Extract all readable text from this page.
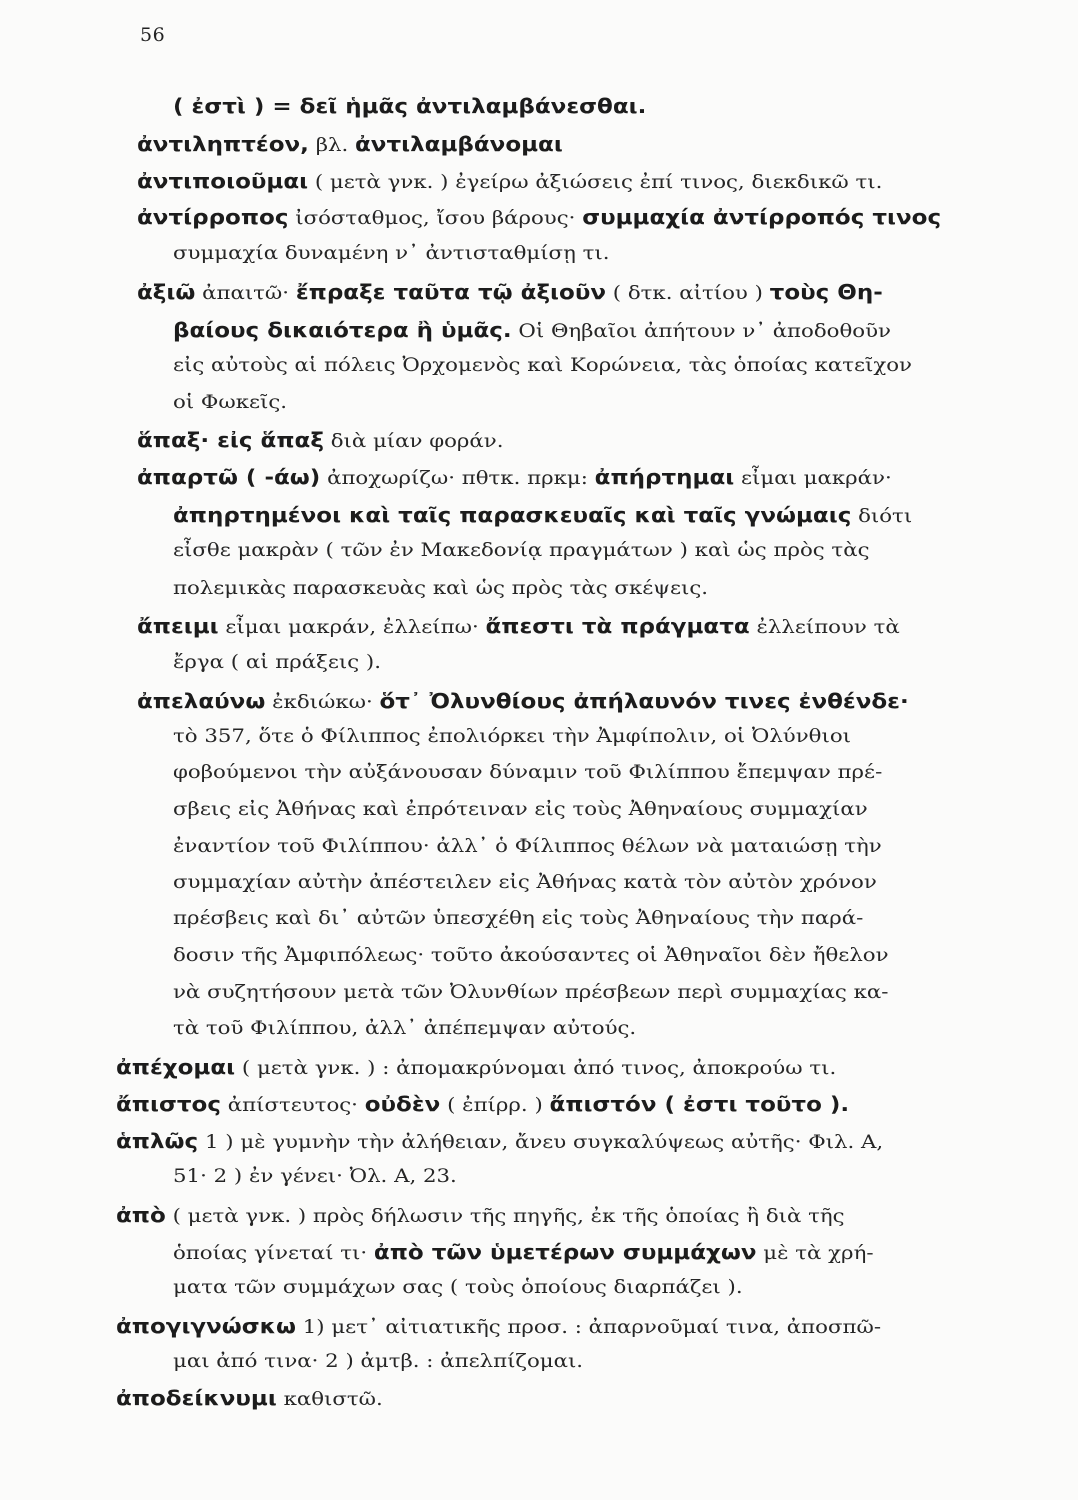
56
( ἐστὶ ) = δεῖ ἡμᾶς ἀντιλαμβάνεσθαι.
ἀντιληπτέον, βλ. ἀντιλαμβάνομαι
ἀντιποιοῦμαι ( μετὰ γνκ. ) ἐγείρω ἀξιώσεις ἐπί τινος, διεκδικῶ τι.
ἀντίρροπος ἰσόσταθμος, ἴσου βάρους· συμμαχία ἀντίρροπός τινος
συμμαχία δυναμένη ν᾽ ἀντισταθμίσῃ τι.
ἀξιῶ ἀπαιτῶ· ἔπραξε ταῦτα τῷ ἀξιοῦν ( δτκ. αἰτίου ) τοὺς Θη-
βαίους δικαιότερα ἢ ὑμᾶς. Οἱ Θηβαῖοι ἀπήτουν ν᾽ ἀποδοθοῦν
εἰς αὐτοὺς αἱ πόλεις Ὀρχομενὸς καὶ Κορώνεια, τὰς ὁποίας κατεῖχον
οἱ Φωκεῖς.
ἅπαξ· εἰς ἅπαξ διὰ μίαν φοράν.
ἀπαρτῶ ( -άω) ἀποχωρίζω· πθτκ. πρκμ: ἀπήρτημαι εἶμαι μακράν·
ἀπηρτημένοι καὶ ταῖς παρασκευαῖς καὶ ταῖς γνώμαις διότι
εἶσθε μακρὰν ( τῶν ἐν Μακεδονίᾳ πραγμάτων ) καὶ ὡς πρὸς τὰς
πολεμικὰς παρασκευὰς καὶ ὡς πρὸς τὰς σκέψεις.
ἄπειμι εἶμαι μακράν, ἐλλείπω· ἄπεστι τὰ πράγματα ἐλλείπουν τὰ
ἔργα ( αἱ πράξεις ).
ἀπελαύνω ἐκδιώκω· ὅτ᾽ Ὀλυνθίους ἀπήλαυνόν τινες ἐνθένδε·
τὸ 357, ὅτε ὁ Φίλιππος ἐπολιόρκει τὴν Ἀμφίπολιν, οἱ Ὀλύνθιοι
φοβούμενοι τὴν αὐξάνουσαν δύναμιν τοῦ Φιλίππου ἔπεμψαν πρέ-
σβεις εἰς Ἀθήνας καὶ ἐπρότειναν εἰς τοὺς Ἀθηναίους συμμαχίαν
ἐναντίον τοῦ Φιλίππου· ἀλλ᾽ ὁ Φίλιππος θέλων νὰ ματαιώσῃ τὴν
συμμαχίαν αὐτὴν ἀπέστειλεν εἰς Ἀθήνας κατὰ τὸν αὐτὸν χρόνον
πρέσβεις καὶ δι᾽ αὐτῶν ὑπεσχέθη εἰς τοὺς Ἀθηναίους τὴν παρά-
δοσιν τῆς Ἀμφιπόλεως· τοῦτο ἀκούσαντες οἱ Ἀθηναῖοι δὲν ἤθελον
νὰ συζητήσουν μετὰ τῶν Ὀλυνθίων πρέσβεων περὶ συμμαχίας κα-
τὰ τοῦ Φιλίππου, ἀλλ᾽ ἀπέπεμψαν αὐτούς.
ἀπέχομαι ( μετὰ γνκ. ) : ἀπομακρύνομαι ἀπό τινος, ἀποκρούω τι.
ἄπιστος ἀπίστευτος· οὐδὲν ( ἐπίρρ. ) ἄπιστόν ( ἐστι τοῦτο ).
ἁπλῶς 1 ) μὲ γυμνὴν τὴν ἀλήθειαν, ἄνευ συγκαλύψεως αὐτῆς· Φιλ. Α,
51· 2 ) ἐν γένει· Ὀλ. Α, 23.
ἀπὸ ( μετὰ γνκ. ) πρὸς δήλωσιν τῆς πηγῆς, ἐκ τῆς ὁποίας ἢ διὰ τῆς
ὁποίας γίνεταί τι· ἀπὸ τῶν ὑμετέρων συμμάχων μὲ τὰ χρή-
ματα τῶν συμμάχων σας ( τοὺς ὁποίους διαρπάζει ).
ἀπογιγνώσκω 1) μετ᾽ αἰτιατικῆς προσ. : ἀπαρνοῦμαί τινα, ἀποσπῶ-
μαι ἀπό τινα· 2 ) ἀμτβ. : ἀπελπίζομαι.
ἀποδείκνυμι καθιστῶ.
